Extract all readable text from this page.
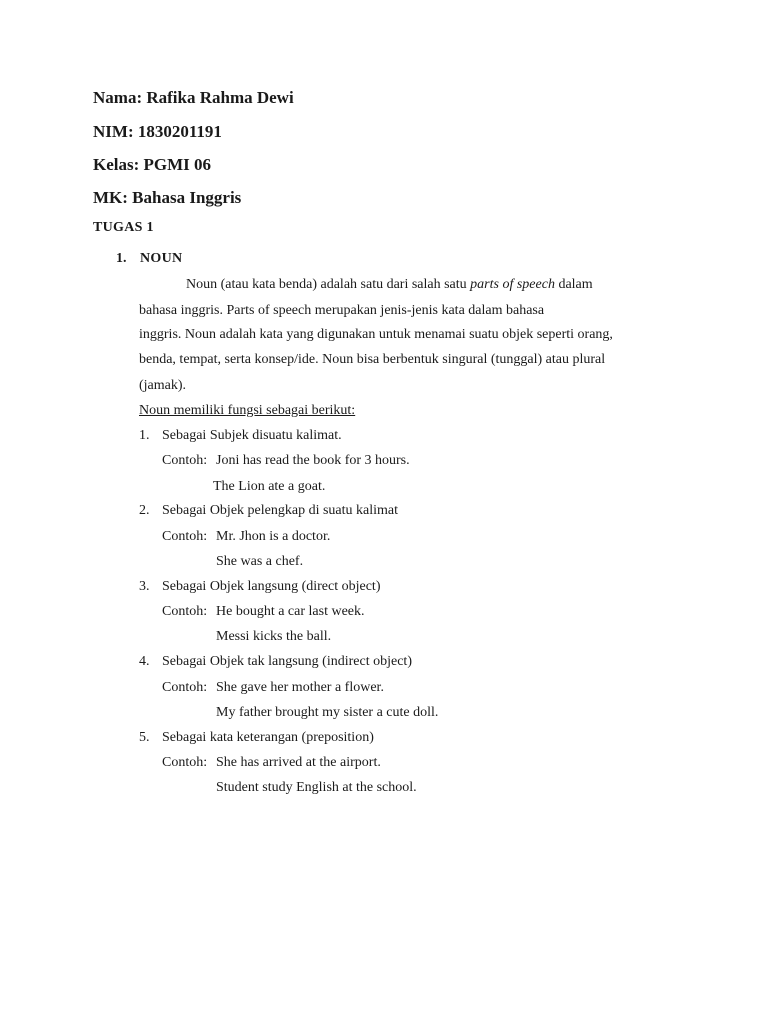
Nama: Rafika Rahma Dewi
NIM: 1830201191
Kelas: PGMI 06
MK: Bahasa Inggris
TUGAS 1
1. NOUN
Noun (atau kata benda) adalah satu dari salah satu parts of speech dalam
bahasa inggris. Parts of speech merupakan jenis-jenis kata dalam bahasa
inggris. Noun adalah kata yang digunakan untuk menamai suatu objek seperti orang,
benda, tempat, serta konsep/ide. Noun bisa berbentuk singural (tunggal) atau plural
(jamak).
Noun memiliki fungsi sebagai berikut:
1. Sebagai Subjek disuatu kalimat.
Contoh: Joni has read the book for 3 hours.
The Lion ate a goat.
2. Sebagai Objek pelengkap di suatu kalimat
Contoh: Mr. Jhon is a doctor.
She was a chef.
3. Sebagai Objek langsung (direct object)
Contoh: He bought a car last week.
Messi kicks the ball.
4. Sebagai Objek tak langsung (indirect object)
Contoh: She gave her mother a flower.
My father brought my sister a cute doll.
5. Sebagai kata keterangan (preposition)
Contoh: She has arrived at the airport.
Student study English at the school.
